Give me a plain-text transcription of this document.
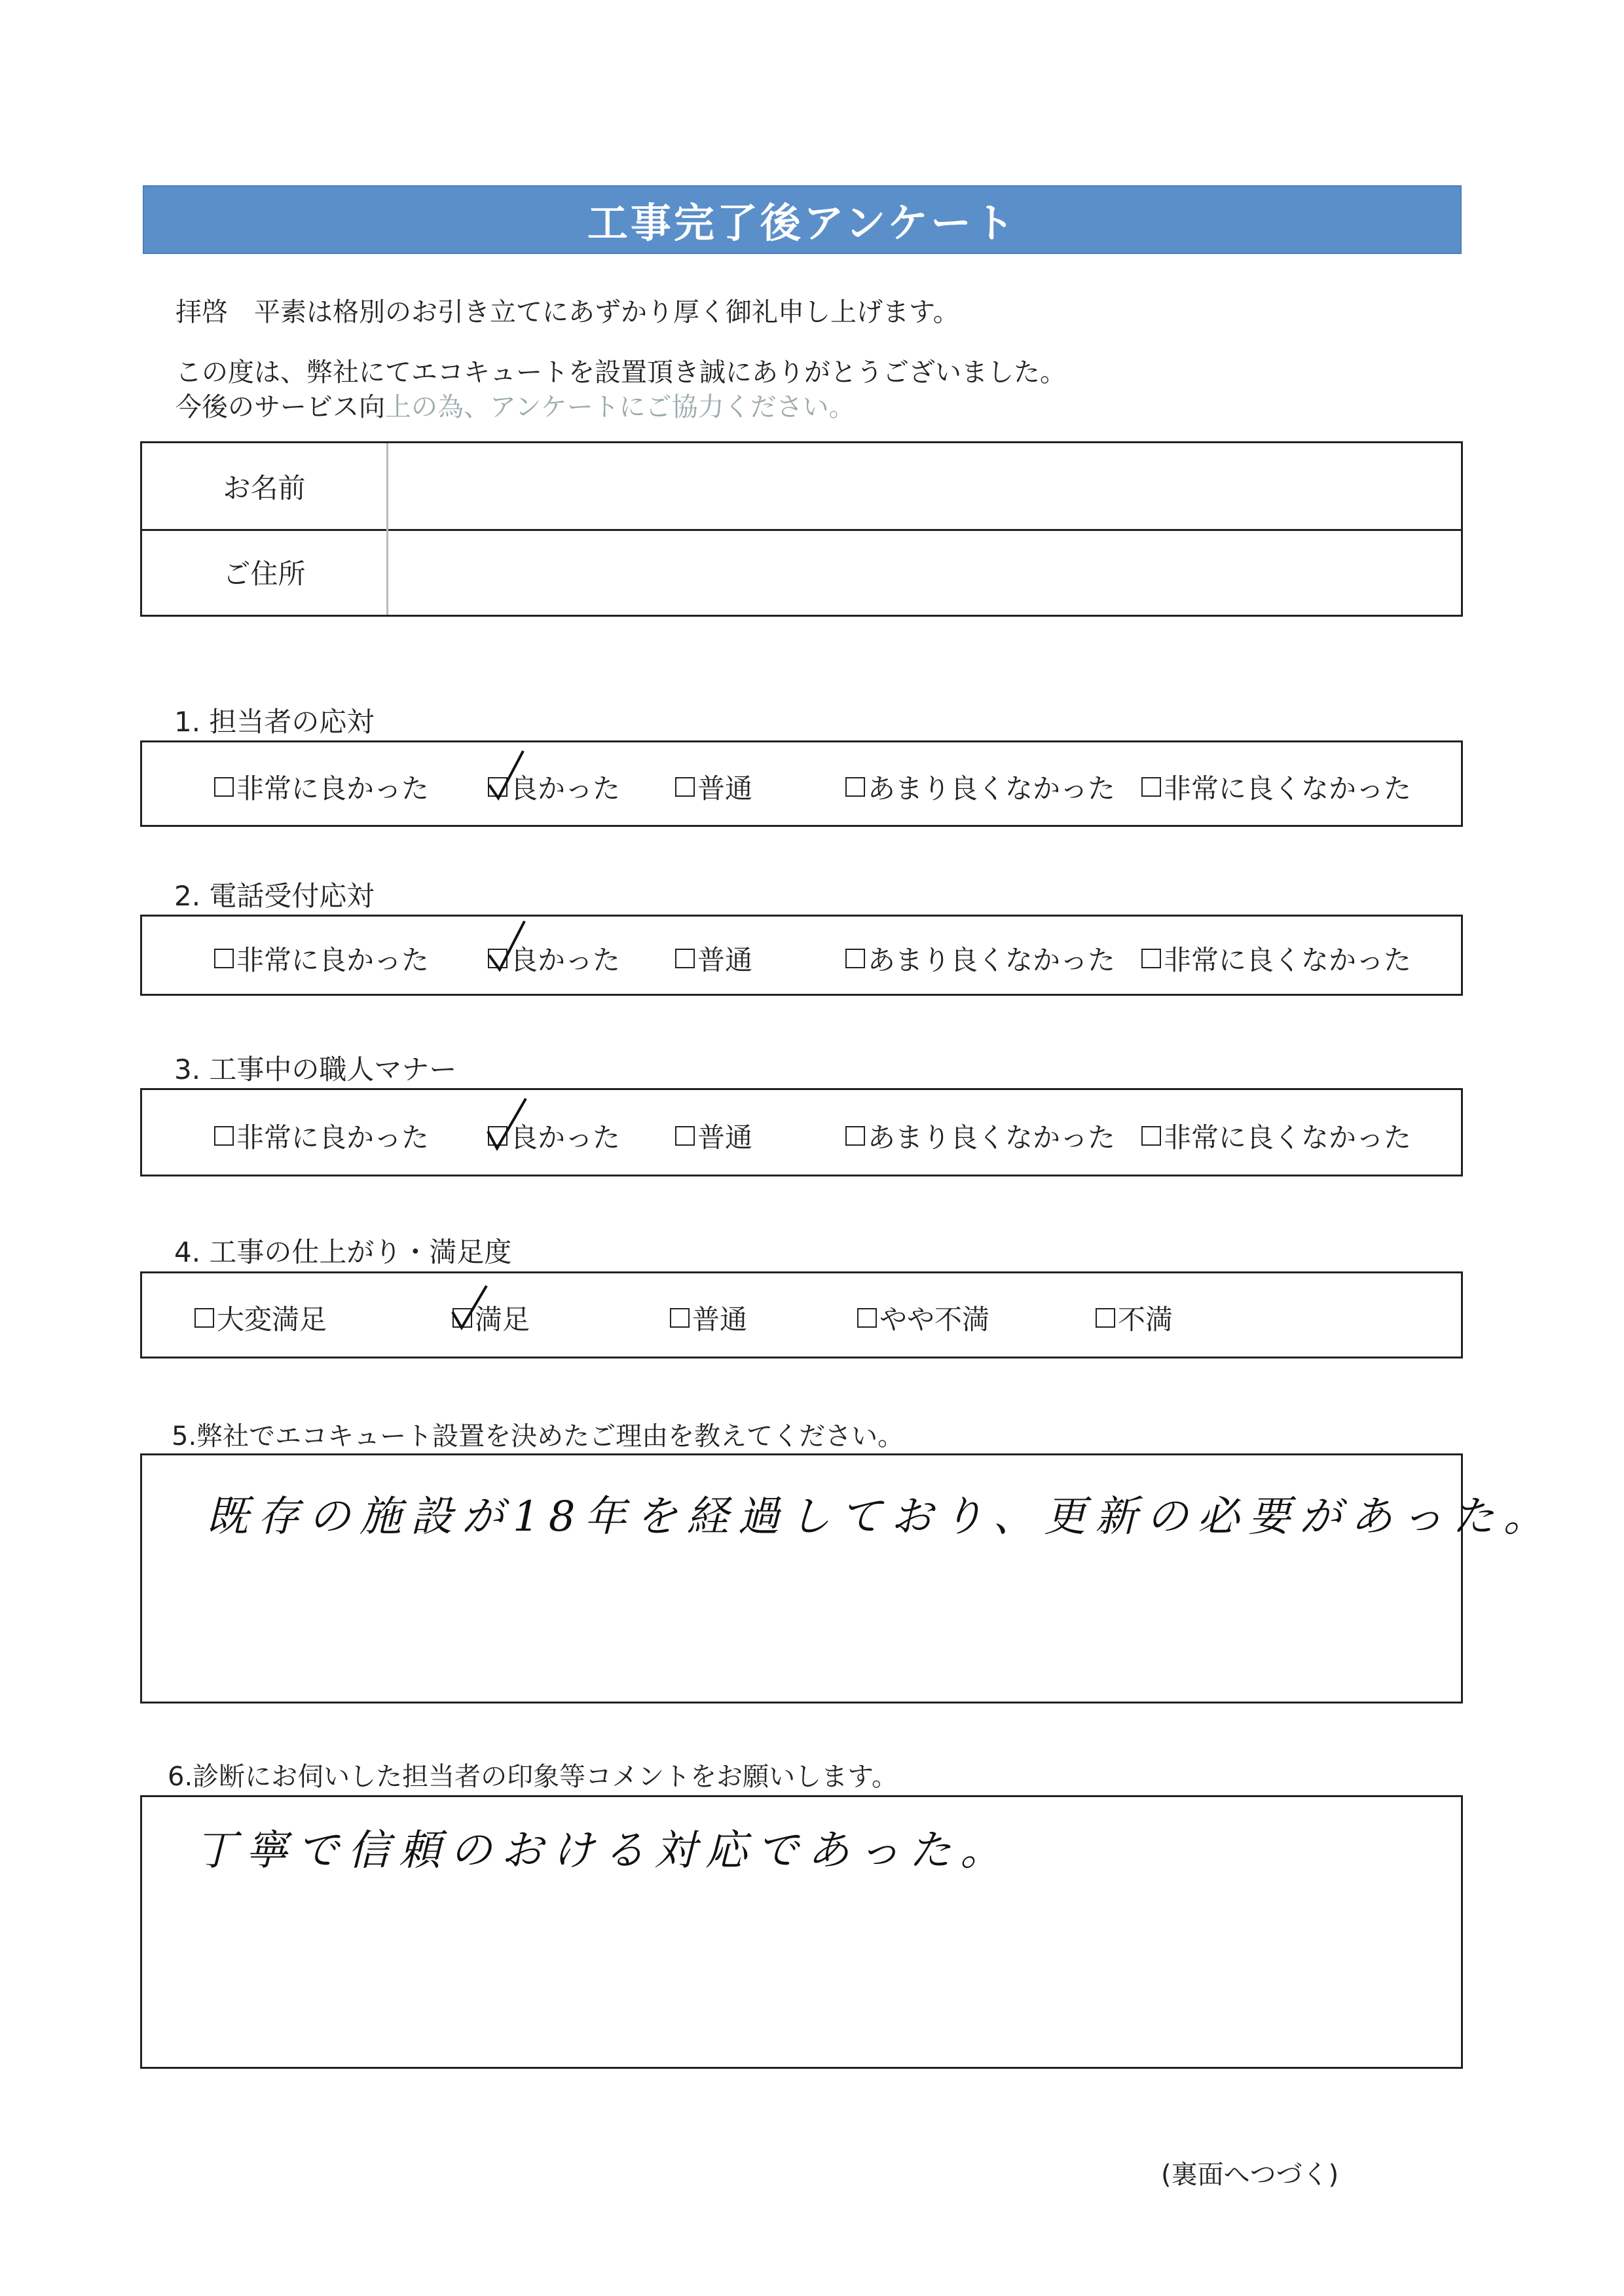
工事完了後アンケート
拝啓　平素は格別のお引き立てにあずかり厚く御礼申し上げます。
この度は、弊社にてエコキュートを設置頂き誠にありがとうございました。
今後のサービス向上の為、アンケートにご協力ください。
お名前
ご住所
1. 担当者の応対
非常に良かった	良かった	普通	あまり良くなかった 非常に良くなかった
2. 電話受付応対
非常に良かった	良かった	普通	あまり良くなかった 非常に良くなかった
3. 工事中の職人マナー
非常に良かった	良かった	普通	あまり良くなかった 非常に良くなかった
4. 工事の仕上がり・満足度
大変満足	満足	普通	やや不満	不満
5.弊社でエコキュート設置を決めたご理由を教えてください。
既存の施設が18年を経過しており、更新の必要があった。
6.診断にお伺いした担当者の印象等コメントをお願いします。
丁寧で信頼のおける対応であった。
(裏面へつづく)
